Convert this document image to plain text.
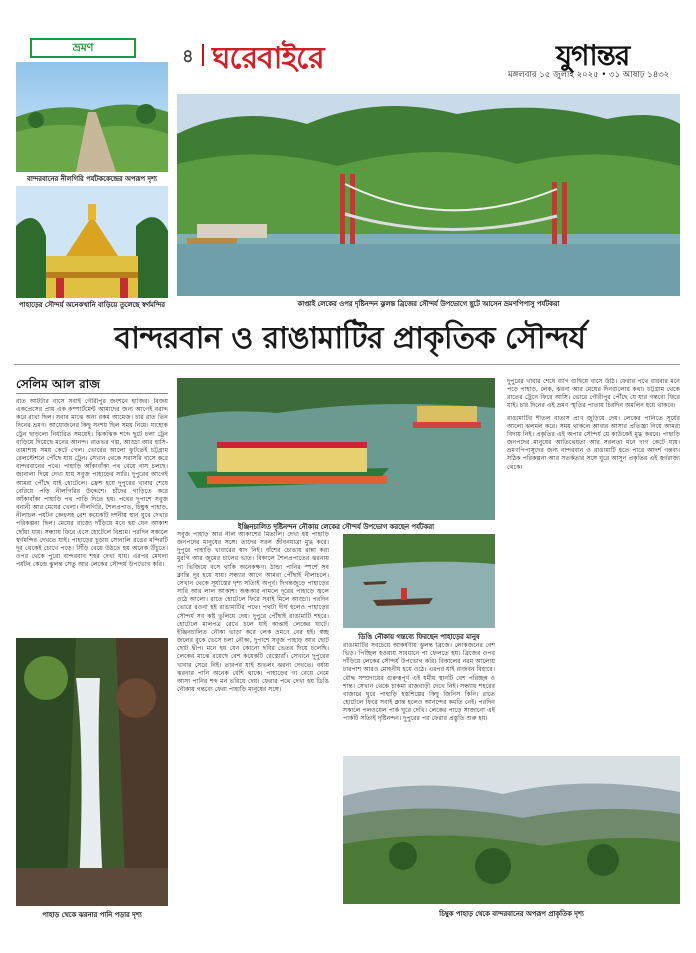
ভ্রমণ	৪ ঘরেবাইরে	যুগান্তর
মঙ্গলবার ১৫ জুলাই ২০২৫ • ৩১ আষাঢ় ১৪৩২
বান্দরবানের নীলগিরি পর্যটককেন্দ্রের অপরূপ দৃশ্য
পাহাড়ের সৌন্দর্য অনেকখানি বাড়িয়ে তুলেছে স্বর্ণমন্দির	কাপ্তাই লেকের ওপর দৃষ্টিনন্দন ঝুলন্ত ব্রিজের সৌন্দর্য উপভোগে ছুটে আসেন ভ্রমণপিপাসু পর্যটকরা
বান্দরবান ও রাঙামাটির প্রাকৃতিক সৌন্দর্য
সেলিম আল রাজ
রাত আটটার বাসে সবাই গৌরীপুর জংশনে হাজির। বিজয় একপ্রেসের প্রায় এক কম্পার্টমেন্ট আমাদের জন্য আগেই বরাদ্দ করে রাখা ছিল। সবার মাঝে অন্য রকম আমেজ। চার রাত তিন দিনের ভ্রমণ। আয়োজনের কিছু সংশয় ছিল সময় নিয়ে। যাহোক ট্রেন ছাড়লো নির্ধারিত সময়েই। ঝিকঝিক শব্দে ছুটে চলা ট্রেন বাড়িয়ে দিয়েছে মনের আনন্দ। রাতভর গল্প, আড্ডা আর হাসি-তামাশায় সময় কেটে গেল। ভোরের আলো ফুটতেই চট্টগ্রাম রেলস্টেশনে পৌঁছে যায় ট্রেন। সেখান থেকে সরাসরি বাসে করে বান্দরবানের পথে। পাহাড়ি আঁকাবাঁকা পথ বেয়ে বাস চলছে। জানালা দিয়ে দেখা যায় সবুজ পাহাড়ের সারি। দুপুরের আগেই আমরা পৌঁছে যাই হোটেলে। ফ্রেশ হয়ে দুপুরের খাবার শেষে বেরিয়ে পড়ি নীলগিরির উদ্দেশে। চাঁদের গাড়িতে করে আঁকাবাঁকা পাহাড়ি পথ পাড়ি দিতে হয়। পথের দুপাশে সবুজ বনানী আর মেঘের খেলা। নীলগিরি, শৈলপ্রপাত, চিম্বুক পাহাড়, নীলাচল পর্যটন কেন্দ্রসহ বেশ কয়েকটি দর্শনীয় স্থান ঘুরে দেখার পরিকল্পনা ছিল। মেঘের রাজ্যে দাঁড়িয়ে মনে হয় যেন আকাশ ছোঁয়া যায়। সন্ধ্যায় ফিরে এসে হোটেলে বিশ্রাম। পরদিন সকালে স্বর্ণমন্দির দেখতে যাই। পাহাড়ের চূড়ায় সোনালি রঙের মন্দিরটি দূর থেকেই চোখে পড়ে। সিঁড়ি বেয়ে উঠতে হয় অনেক উঁচুতে। ওপর থেকে পুরো বান্দরবান শহর দেখা যায়। এরপর মেঘলা পর্যটন কেন্দ্রে ঝুলন্ত সেতু আর লেকের সৌন্দর্য উপভোগ করি।
পাহাড় থেকে ঝরনার পানি পড়ার দৃশ্য
ইঞ্জিনচালিত দৃষ্টিনন্দন নৌকায় লেকের সৌন্দর্য উপভোগ করছেন পর্যটকরা
সবুজ পাহাড় আর নীল আকাশের মিতালি। দেখা হয় পাহাড়ি জনপদের মানুষের সঙ্গে। তাদের সরল জীবনযাত্রা মুগ্ধ করে। দুপুরে পাহাড়ি খাবারের স্বাদ নিই। বাঁশের চোঙায় রান্না করা মুরগি আর জুমের চালের ভাত। বিকালে শৈলপ্রপাতের ঝরনায় পা ভিজিয়ে বসে থাকি অনেকক্ষণ। ঠান্ডা পানির স্পর্শে সব ক্লান্তি দূর হয়ে যায়। সন্ধ্যার আগে আমরা পৌঁছাই নীলাচলে। সেখান থেকে সূর্যাস্তের দৃশ্য সত্যিই অপূর্ব। দিগন্তজুড়ে পাহাড়ের সারি আর লাল আকাশ। অন্ধকার নামলে দূরের পাহাড়ে জ্বলে ওঠে আলো। রাতে হোটেলে ফিরে সবাই মিলে আড্ডা। পরদিন ভোরে রওনা হই রাঙামাটির পথে। পথটা দীর্ঘ হলেও পাহাড়ের সৌন্দর্য সব কষ্ট ভুলিয়ে দেয়। দুপুরে পৌঁছাই রাঙামাটি শহরে। হোটেলে মালপত্র রেখে চলে যাই কাপ্তাই লেকের ঘাটে। ইঞ্জিনচালিত নৌকা ভাড়া করে লেক ভ্রমণে বের হই। স্বচ্ছ জলের বুকে ভেসে চলা নৌকা, দুপাশে সবুজ পাহাড় আর ছোট ছোট দ্বীপ। মনে হয় যেন কোনো ছবির ভেতর দিয়ে চলেছি। লেকের মাঝে রয়েছে বেশ কয়েকটি রেস্তোরাঁ। সেখানে দুপুরের খাবার সেরে নিই। তারপর যাই শুভলং ঝরনা দেখতে। বর্ষায় ঝরনার পানি অনেক বেশি থাকে। পাহাড়ের গা বেয়ে নেমে আসা পানির শব্দ মন ভরিয়ে দেয়। ফেরার পথে দেখা হয় ডিঙি নৌকায় গন্তব্যে ফেরা পাহাড়ি মানুষের সঙ্গে।
ডিঙি নৌকায় গন্তব্যে ফিরছেন পাহাড়ের মানুষ
রাঙামাটির সবচেয়ে আকর্ষণীয় ঝুলন্ত ব্রিজে। লোকজনের বেশ ভিড়। পিচ্ছিল হওয়ায় সাবধানে পা ফেলতে হয়। ব্রিজের ওপর দাঁড়িয়ে লেকের সৌন্দর্য উপভোগ করি। বিকালের নরম আলোয় চারপাশ আরও মোহনীয় হয়ে ওঠে। এরপর যাই রাজবন বিহারে। বৌদ্ধ সম্প্রদায়ের গুরুত্বপূর্ণ এই ধর্মীয় স্থানটি বেশ পরিচ্ছন্ন ও শান্ত। সেখান থেকে চাকমা রাজবাড়ী দেখে নিই। সন্ধ্যায় শহরের বাজারে ঘুরে পাহাড়ি হস্তশিল্পের কিছু জিনিস কিনি। রাতে হোটেলে ফিরে সবাই ক্লান্ত হলেও আনন্দের কমতি নেই। পরদিন সকালে পলওয়েল পার্ক ঘুরে দেখি। লেকের পাড়ে সাজানো এই পার্কটি সত্যিই দৃষ্টিনন্দন। দুপুরের পর ফেরার প্রস্তুতি শুরু হয়।
দুপুরের খাবার শেষে ব্যাগ গুছিয়ে বাসে উঠি। ফেরার পথে বারবার মনে পড়ে পাহাড়, লেক, ঝরনা আর মেঘের দিনগুলোর কথা। চট্টগ্রাম থেকে রাতের ট্রেনে ফিরে আসি। ভোরে গৌরীপুর পৌঁছে যে যার গন্তব্যে ফিরে যাই। চার দিনের এই ভ্রমণ স্মৃতির পাতায় চিরদিন অমলিন হয়ে থাকবে।
রাঙামাটির শীতল বাতাস প্রাণ জুড়িয়ে দেয়। লেকের পানিতে সূর্যের আলো ঝলমল করে। সময় থাকলে আবার আসার প্রতিজ্ঞা নিয়ে আমরা বিদায় নিই। প্রকৃতির এই অপার সৌন্দর্য যে কাউকেই মুগ্ধ করবে। পাহাড়ি জনপদের মানুষের আতিথেয়তা আর সরলতা মনে দাগ কেটে যায়। ভ্রমণপিপাসুদের জন্য বান্দরবান ও রাঙামাটি হতে পারে আদর্শ গন্তব্য। সঠিক পরিকল্পনা আর সতর্কতার সঙ্গে ঘুরে আসুন প্রকৃতির এই স্বর্গরাজ্য থেকে।
চিম্বুক পাহাড় থেকে বান্দরবানের অপরূপ প্রাকৃতিক দৃশ্য
